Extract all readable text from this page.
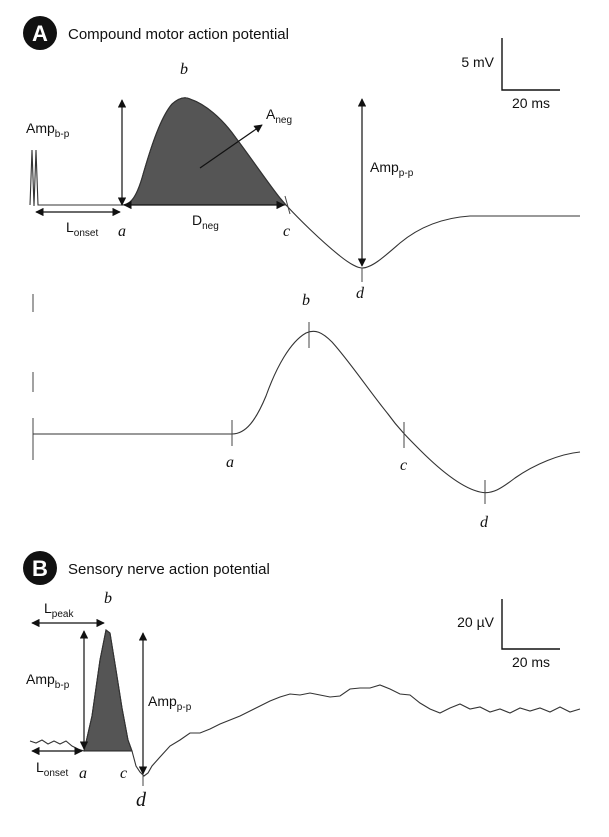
A Compound motor action potential
5 mV
20 ms
Amp$_{b-p}$
$L_{onset}$
$D_{neg}$
$A_{neg}$
Amp$_{p-p}$
a
b
c
d
a
b
c
d
B Sensory nerve action potential
20 µV
20 ms
$L_{peak}$
Amp$_{b-p}$
Amp$_{p-p}$
$L_{onset}$ a
b
c
d
